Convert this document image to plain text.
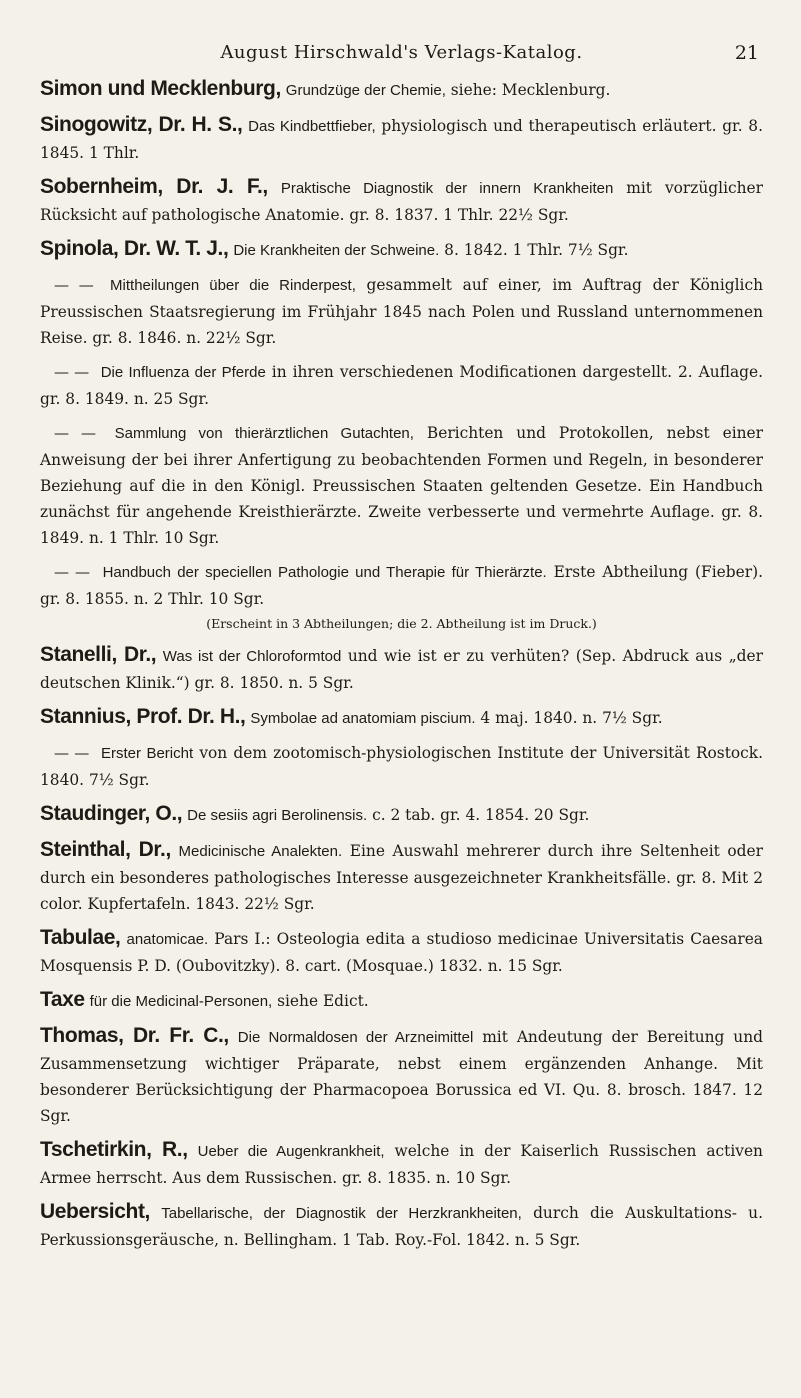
August Hirschwald's Verlags-Katalog.	21

Simon und Mecklenburg, Grundzüge der Chemie, siehe: Mecklenburg.

Sinogowitz, Dr. H. S., Das Kindbettfieber, physiologisch und therapeutisch erläutert. gr. 8. 1845. 1 Thlr.

Sobernheim, Dr. J. F., Praktische Diagnostik der innern Krankheiten mit vorzüglicher Rücksicht auf pathologische Anatomie. gr. 8. 1837. 1 Thlr. 22½ Sgr.

Spinola, Dr. W. T. J., Die Krankheiten der Schweine. 8. 1842. 1 Thlr. 7½ Sgr.

— — Mittheilungen über die Rinderpest, gesammelt auf einer, im Auftrag der Königlich Preussischen Staatsregierung im Frühjahr 1845 nach Polen und Russland unternommenen Reise. gr. 8. 1846. n. 22½ Sgr.

— — Die Influenza der Pferde in ihren verschiedenen Modificationen dargestellt. 2. Auflage. gr. 8. 1849. n. 25 Sgr.

— — Sammlung von thierärztlichen Gutachten, Berichten und Protokollen, nebst einer Anweisung der bei ihrer Anfertigung zu beobachtenden Formen und Regeln, in besonderer Beziehung auf die in den Königl. Preussischen Staaten geltenden Gesetze. Ein Handbuch zunächst für angehende Kreisthierärzte. Zweite verbesserte und vermehrte Auflage. gr. 8. 1849. n. 1 Thlr. 10 Sgr.

— — Handbuch der speciellen Pathologie und Therapie für Thierärzte. Erste Abtheilung (Fieber). gr. 8. 1855. n. 2 Thlr. 10 Sgr.
(Erscheint in 3 Abtheilungen; die 2. Abtheilung ist im Druck.)

Stanelli, Dr., Was ist der Chloroformtod und wie ist er zu verhüten? (Sep. Abdruck aus „der deutschen Klinik.“) gr. 8. 1850. n. 5 Sgr.

Stannius, Prof. Dr. H., Symbolae ad anatomiam piscium. 4 maj. 1840. n. 7½ Sgr.

— — Erster Bericht von dem zootomisch-physiologischen Institute der Universität Rostock. 1840. 7½ Sgr.

Staudinger, O., De sesiis agri Berolinensis. c. 2 tab. gr. 4. 1854. 20 Sgr.

Steinthal, Dr., Medicinische Analekten. Eine Auswahl mehrerer durch ihre Seltenheit oder durch ein besonderes pathologisches Interesse ausgezeichneter Krankheitsfälle. gr. 8. Mit 2 color. Kupfertafeln. 1843. 22½ Sgr.

Tabulae, anatomicae. Pars I.: Osteologia edita a studioso medicinae Universitatis Caesarea Mosquensis P. D. (Oubovitzky). 8. cart. (Mosquae.) 1832. n. 15 Sgr.

Taxe für die Medicinal-Personen, siehe Edict.

Thomas, Dr. Fr. C., Die Normaldosen der Arzneimittel mit Andeutung der Bereitung und Zusammensetzung wichtiger Präparate, nebst einem ergänzenden Anhange. Mit besonderer Berücksichtigung der Pharmacopoea Borussica ed VI. Qu. 8. brosch. 1847. 12 Sgr.

Tschetirkin, R., Ueber die Augenkrankheit, welche in der Kaiserlich Russischen activen Armee herrscht. Aus dem Russischen. gr. 8. 1835. n. 10 Sgr.

Uebersicht, Tabellarische, der Diagnostik der Herzkrankheiten, durch die Auskultations- u. Perkussionsgeräusche, n. Bellingham. 1 Tab. Roy.-Fol. 1842. n. 5 Sgr.
